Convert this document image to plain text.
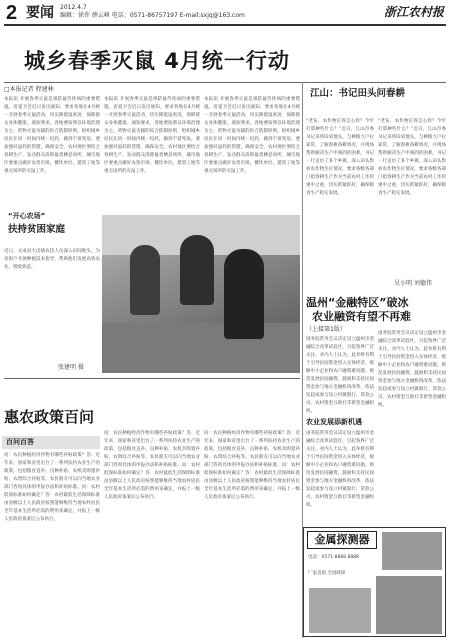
2 要闻 2012.4.7
编辑：徐许 薛云峰 电话：0571-86757197 E-mail:sxjq@163.com	浙江农村报
城乡春季灭鼠 4月统一行动
□本报记者 程建林
本报讯 开展春季灭鼠是预防鼠传疾病的重要措施。省爱卫会近日发出通知，要求各地在4月统一开展春季灭鼠活动，切实降低鼠密度，保障群众身体健康。通知要求，各地要按照以环境治理为主、药物灭鼠为辅的综合防制原则，组织城乡居民在同一时间内统一投药，做到不留死角。要加强对鼠药的管理，确保安全。农村地区要结合春耕生产，发动群众清除鼠类栖息场所，城市地区要重点做好农贸市场、餐饮单位、建筑工地等重点场所的灭鼠工作。
本报讯 开展春季灭鼠是预防鼠传疾病的重要措施。省爱卫会近日发出通知，要求各地在4月统一开展春季灭鼠活动，切实降低鼠密度，保障群众身体健康。通知要求，各地要按照以环境治理为主、药物灭鼠为辅的综合防制原则，组织城乡居民在同一时间内统一投药，做到不留死角。要加强对鼠药的管理，确保安全。农村地区要结合春耕生产，发动群众清除鼠类栖息场所，城市地区要重点做好农贸市场、餐饮单位、建筑工地等重点场所的灭鼠工作。
本报讯 开展春季灭鼠是预防鼠传疾病的重要措施。省爱卫会近日发出通知，要求各地在4月统一开展春季灭鼠活动，切实降低鼠密度，保障群众身体健康。通知要求，各地要按照以环境治理为主、药物灭鼠为辅的综合防制原则，组织城乡居民在同一时间内统一投药，做到不留死角。要加强对鼠药的管理，确保安全。农村地区要结合春耕生产，发动群众清除鼠类栖息场所，城市地区要重点做好农贸市场、餐饮单位、建筑工地等重点场所的灭鼠工作。
“开心农场”
扶持贫困家庭
近日，文成县大峃镇农技人员深入田间地头，为贫困户开展种植技术指导，帮助他们发展高效农业，增收致富。
张建明 摄
惠农政策百问
百问百答
问：农民种植经济作物有哪些补贴政策？答：近年来，国家和省里出台了一系列扶持农业生产的政策，包括粮食直补、良种补贴、农机具购置补贴、农资综合补贴等。农民朋友可以向当地农业部门咨询具体的申报办法和补贴标准。问：农村低保标准如何确定？答：农村最低生活保障标准由县级以上人民政府按照能够维持当地农村居民全年基本生活所必需的费用来确定，并报上一级人民政府备案后公布执行。
问：农民种植经济作物有哪些补贴政策？答：近年来，国家和省里出台了一系列扶持农业生产的政策，包括粮食直补、良种补贴、农机具购置补贴、农资综合补贴等。农民朋友可以向当地农业部门咨询具体的申报办法和补贴标准。问：农村低保标准如何确定？答：农村最低生活保障标准由县级以上人民政府按照能够维持当地农村居民全年基本生活所必需的费用来确定，并报上一级人民政府备案后公布执行。
问：农民种植经济作物有哪些补贴政策？答：近年来，国家和省里出台了一系列扶持农业生产的政策，包括粮食直补、良种补贴、农机具购置补贴、农资综合补贴等。农民朋友可以向当地农业部门咨询具体的申报办法和补贴标准。问：农村低保标准如何确定？答：农村最低生活保障标准由县级以上人民政府按照能够维持当地农村居民全年基本生活所必需的费用来确定，并报上一级人民政府备案后公布执行。
江山：书记田头问春耕
“老伍，农作物长得怎么样？今年打算种些什么？”近日，江山市委书记来到田间地头，与种粮大户拉家常，了解春耕备耕情况，并现场帮助解决生产中遇到的困难。书记一行走访了多个乡镇，深入田头察看农作物生长情况，要求各级各部门把春耕生产作为当前农村工作的重中之重，切实抓紧抓好，确保粮食生产稳定发展。
“老伍，农作物长得怎么样？今年打算种些什么？”近日，江山市委书记来到田间地头，与种粮大户拉家常，了解春耕备耕情况，并现场帮助解决生产中遇到的困难。书记一行走访了多个乡镇，深入田头察看农作物生长情况，要求各级各部门把春耕生产作为当前农村工作的重中之重，切实抓紧抓好，确保粮食生产稳定发展。
吴小明 刘德伟
温州“金融特区”破冰
农业融资有望不再难
（上接第1版）
国务院常务会议决定设立温州市金融综合改革试验区，引起各界广泛关注。业内人士认为，此举将有利于引导民间资金进入实体经济，缓解中小企业和农户融资难问题。规范发展民间融资，鼓励和支持民间资金参与地方金融机构改革，依法发起或参与设立村镇银行、贷款公司、农村资金互助社等新型金融组织。
国务院常务会议决定设立温州市金融综合改革试验区，引起各界广泛关注。业内人士认为，此举将有利于引导民间资金进入实体经济，缓解中小企业和农户融资难问题。规范发展民间融资，鼓励和支持民间资金参与地方金融机构改革，依法发起或参与设立村镇银行、贷款公司、农村资金互助社等新型金融组织。
农业发展添新机遇
国务院常务会议决定设立温州市金融综合改革试验区，引起各界广泛关注。业内人士认为，此举将有利于引导民间资金进入实体经济，缓解中小企业和农户融资难问题。规范发展民间融资，鼓励和支持民间资金参与地方金融机构改革，依法发起或参与设立村镇银行、贷款公司、农村资金互助社等新型金融组织。
金属探测器
电话：0571-8888 8888
厂家直销 全国联保
